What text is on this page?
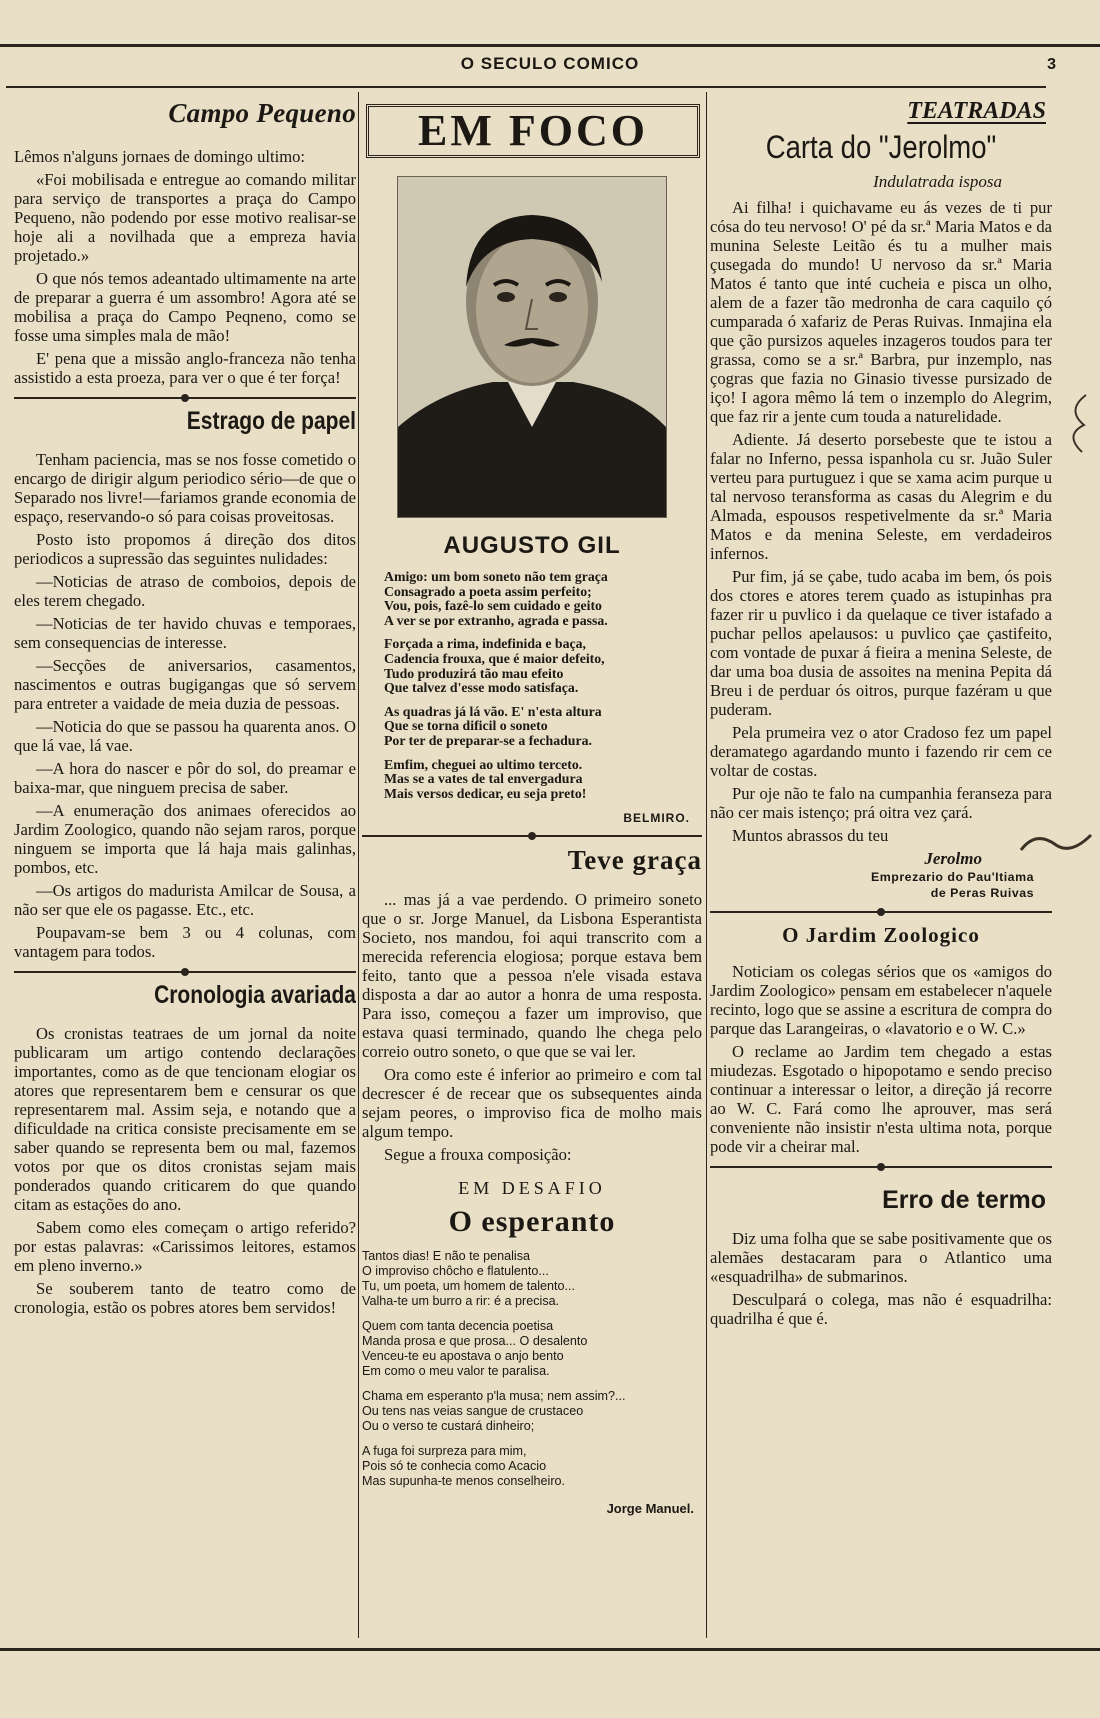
O SECULO COMICO	3
Campo Pequeno

Lêmos n'alguns jornaes de domingo ultimo:

«Foi mobilisada e entregue ao comando militar para serviço de transportes a praça do Campo Pequeno, não podendo por esse motivo realisar-se hoje ali a novilhada que a empreza havia projetado.»

O que nós temos adeantado ultimamente na arte de preparar a guerra é um assombro! Agora até se mobilisa a praça do Campo Peqneno, como se fosse uma simples mala de mão!

E' pena que a missão anglo-franceza não tenha assistido a esta proeza, para ver o que é ter força!

Estrago de papel

Tenham paciencia, mas se nos fosse cometido o encargo de dirigir algum periodico sério—de que o Separado nos livre!—fariamos grande economia de espaço, reservando-o só para coisas proveitosas.

Posto isto propomos á direção dos ditos periodicos a supressão das seguintes nulidades:

—Noticias de atraso de comboios, depois de eles terem chegado.

—Noticias de ter havido chuvas e temporaes, sem consequencias de interesse.

—Secções de aniversarios, casamentos, nascimentos e outras bugigangas que só servem para entreter a vaidade de meia duzia de pessoas.

—Noticia do que se passou ha quarenta anos. O que lá vae, lá vae.

—A hora do nascer e pôr do sol, do preamar e baixa-mar, que ninguem precisa de saber.

—A enumeração dos animaes oferecidos ao Jardim Zoologico, quando não sejam raros, porque ninguem se importa que lá haja mais galinhas, pombos, etc.

—Os artigos do madurista Amilcar de Sousa, a não ser que ele os pagasse. Etc., etc.

Poupavam-se bem 3 ou 4 colunas, com vantagem para todos.

Cronologia avariada

Os cronistas teatraes de um jornal da noite publicaram um artigo contendo declarações importantes, como as de que tencionam elogiar os atores que representarem bem e censurar os que representarem mal. Assim seja, e notando que a dificuldade na critica consiste precisamente em se saber quando se representa bem ou mal, fazemos votos por que os ditos cronistas sejam mais ponderados quando criticarem do que quando citam as estações do ano.

Sabem como eles começam o artigo referido? por estas palavras: «Carissimos leitores, estamos em pleno inverno.»

Se souberem tanto de teatro como de cronologia, estão os pobres atores bem servidos!

EM FOCO
AUGUSTO GIL
Amigo: um bom soneto não tem graça
Consagrado a poeta assim perfeito;
Vou, pois, fazê-lo sem cuidado e geito
A ver se por extranho, agrada e passa.
Forçada a rima, indefinida e baça,
Cadencia frouxa, que é maior defeito,
Tudo produzirá tão mau efeito
Que talvez d'esse modo satisfaça.
As quadras já lá vão. E' n'esta altura
Que se torna dificil o soneto
Por ter de preparar-se a fechadura.
Emfim, cheguei ao ultimo terceto.
Mas se a vates de tal envergadura
Mais versos dedicar, eu seja preto!
BELMIRO.
Teve graça

... mas já a vae perdendo. O primeiro soneto que o sr. Jorge Manuel, da Lisbona Esperantista Societo, nos mandou, foi aqui transcrito com a merecida referencia elogiosa; porque estava bem feito, tanto que a pessoa n'ele visada estava disposta a dar ao autor a honra de uma resposta. Para isso, começou a fazer um improviso, que estava quasi terminado, quando lhe chega pelo correio outro soneto, o que que se vai ler.

Ora como este é inferior ao primeiro e com tal decrescer é de recear que os subsequentes ainda sejam peores, o improviso fica de molho mais algum tempo.

Segue a frouxa composição:

EM DESAFIO
O esperanto
Tantos dias! E não te penalisa
O improviso chôcho e flatulento...
Tu, um poeta, um homem de talento...
Valha-te um burro a rir: é a precisa.
Quem com tanta decencia poetisa
Manda prosa e que prosa... O desalento
Venceu-te eu apostava o anjo bento
Em como o meu valor te paralisa.
Chama em esperanto p'la musa; nem assim?...
Ou tens nas veias sangue de crustaceo
Ou o verso te custará dinheiro;
A fuga foi surpreza para mim,
Pois só te conhecia como Acacio
Mas supunha-te menos conselheiro.
Jorge Manuel.
TEATRADAS
Carta do "Jerolmo"
Indulatrada isposa

Ai filha! i quichavame eu ás vezes de ti pur cósa do teu nervoso! O' pé da sr.ª Maria Matos e da munina Seleste Leitão és tu a mulher mais çusegada do mundo! U nervoso da sr.ª Maria Matos é tanto que inté cucheia e pisca un olho, alem de a fazer tão medronha de cara caquilo çó cumparada ó xafariz de Peras Ruivas. Inmajina ela que ção pursizos aqueles inzageros toudos para ter grassa, como se a sr.ª Barbra, pur inzemplo, nas çogras que fazia no Ginasio tivesse pursizado de iço! I agora mêmo lá tem o inzemplo do Alegrim, que faz rir a jente cum touda a naturelidade.

Adiente. Já deserto porsebeste que te istou a falar no Inferno, pessa ispanhola cu sr. Juão Suler verteu para purtuguez i que se xama acim purque u tal nervoso teransforma as casas du Alegrim e du Almada, espousos respetivelmente da sr.ª Maria Matos e da menina Seleste, em verdadeiros infernos.

Pur fim, já se çabe, tudo acaba im bem, ós pois dos ctores e atores terem çuado as istupinhas pra fazer rir u puvlico i da quelaque ce tiver istafado a puchar pellos apelausos: u puvlico çae çastifeito, com vontade de puxar á fieira a menina Seleste, de dar uma boa dusia de assoites na menina Pepita dá Breu i de perduar ós oitros, purque fazéram u que puderam.

Pela prumeira vez o ator Cradoso fez um papel deramatego agardando munto i fazendo rir cem ce voltar de costas.

Pur oje não te falo na cumpanhia feranseza para não cer mais istenço; prá oitra vez çará.

Muntos abrassos du teu

Jerolmo
Emprezario do Pau'Itiama
de Peras Ruivas
O Jardim Zoologico

Noticiam os colegas sérios que os «amigos do Jardim Zoologico» pensam em estabelecer n'aquele recinto, logo que se assine a escritura de compra do parque das Larangeiras, o «lavatorio e o W. C.»

O reclame ao Jardim tem chegado a estas miudezas. Esgotado o hipopotamo e sendo preciso continuar a interessar o leitor, a direção já recorre ao W. C. Fará como lhe aprouver, mas será conveniente não insistir n'esta ultima nota, porque pode vir a cheirar mal.

Erro de termo

Diz uma folha que se sabe positivamente que os alemães destacaram para o Atlantico uma «esquadrilha» de submarinos.

Desculpará o colega, mas não é esquadrilha: quadrilha é que é.
